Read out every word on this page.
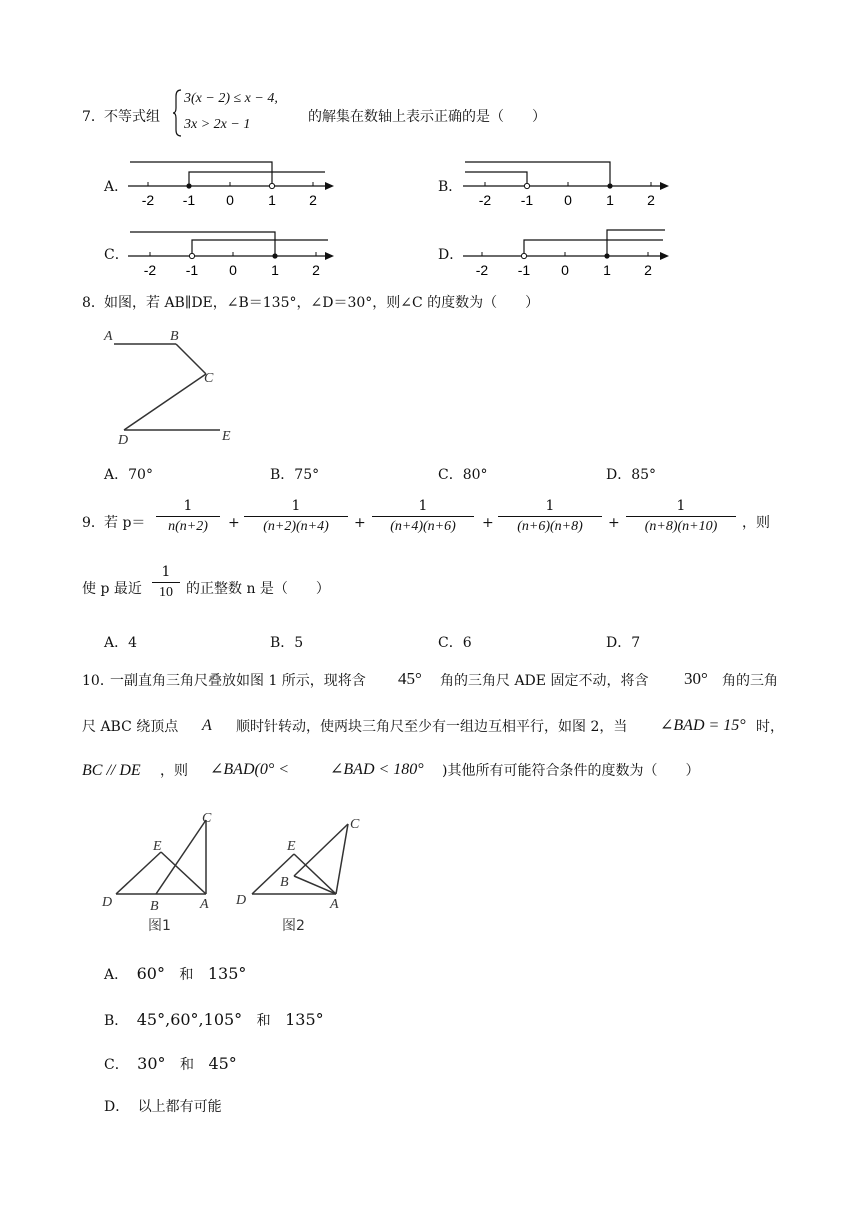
7． 不等式组
3(x − 2) ≤ x − 4,
3x > 2x − 1	的解集在数轴上表示正确的是（　　）
A．
-2 -1 0 1 2
B．
-2 -1 0 1 2
C．
-2 -1 0 1 2
D．
-2 -1 0 1 2
8． 如图，若 AB∥DE，∠B＝135°，∠D＝30°，则∠C 的度数为（　　）
A	B
C
D	E
A．70°	B．75°	C．80°	D．85°
9． 若 p＝
1
n(n+2)	+
1
(n+2)(n+4)	+
1
(n+4)(n+6)	+
1
(n+6)(n+8)	+
1
(n+8)(n+10)	，则
使 p 最近
1
10 的正整数 n 是（　　）
A．4	B．5	C．6	D．7
10．
一副直角三角尺叠放如图 1 所示，现将含 45° 角的三角尺 ADE 固定不动，将含 30° 角的三角
尺 ABC 绕顶点 A 顺时针转动，使两块三角尺至少有一组边互相平行，如图 2，当 ∠BAD = 15° 时，
BC // DE ，则 ∠BAD(0° <	∠BAD < 180° )其他所有可能符合条件的度数为（　　）
E
C
D	B	A
图1
E
C
B
D	A
图2
A． 60° 和 135°
B． 45°,60°,105° 和 135°
C． 30° 和 45°
D． 以上都有可能
